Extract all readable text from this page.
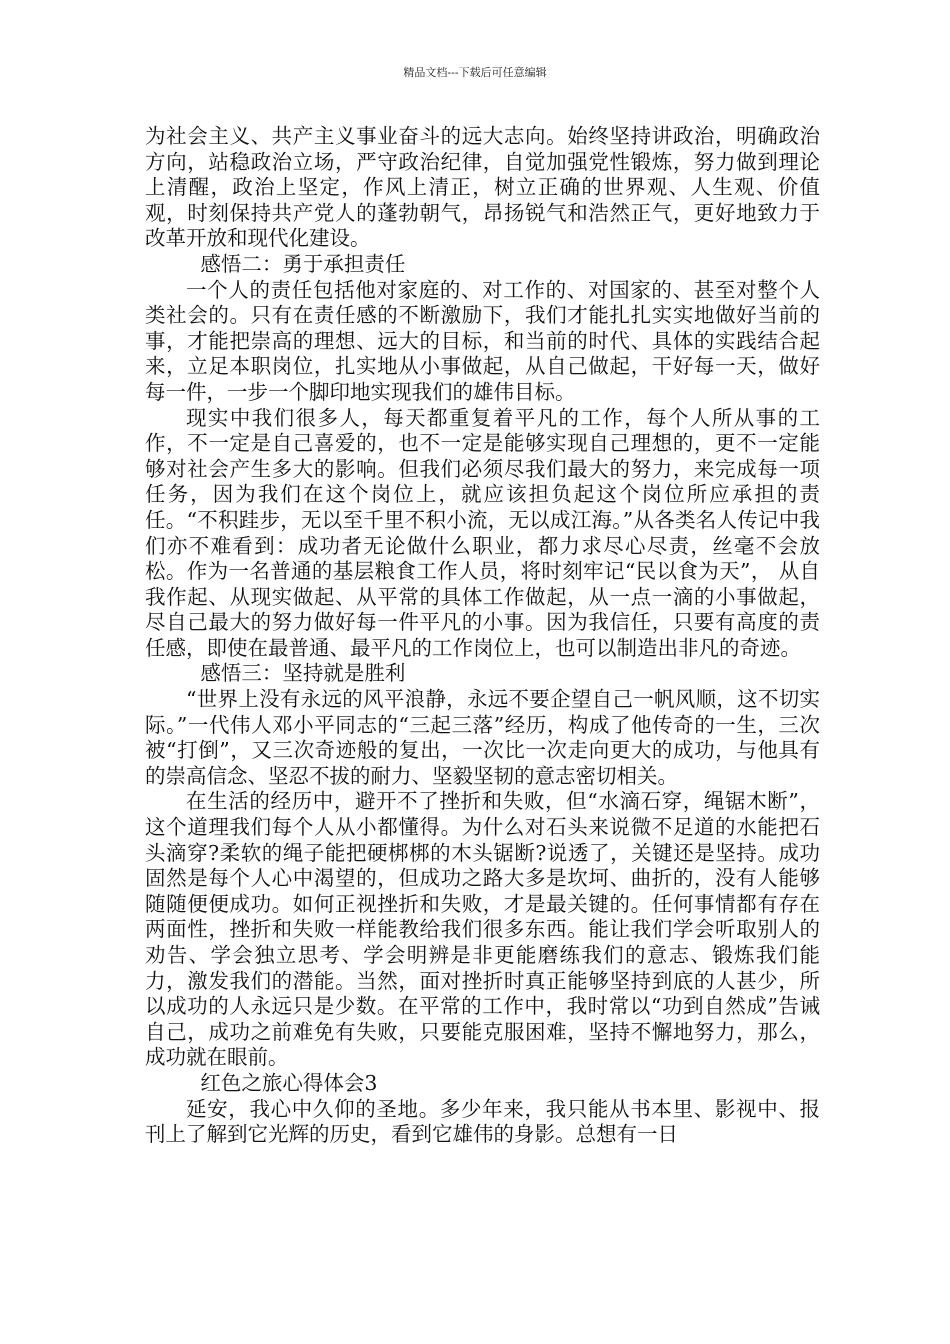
精品文档---下载后可任意编辑

为社会主义、共产主义事业奋斗的远大志向。始终坚持讲政治，明确政治方向，站稳政治立场，严守政治纪律，自觉加强党性锻炼，努力做到理论上清醒，政治上坚定，作风上清正，树立正确的世界观、人生观、价值观，时刻保持共产党人的蓬勃朝气，昂扬锐气和浩然正气，更好地致力于改革开放和现代化建设。

感悟二：勇于承担责任

一个人的责任包括他对家庭的、对工作的、对国家的、甚至对整个人类社会的。只有在责任感的不断激励下，我们才能扎扎实实地做好当前的事，才能把崇高的理想、远大的目标，和当前的时代、具体的实践结合起来，立足本职岗位，扎实地从小事做起，从自己做起，干好每一天，做好每一件，一步一个脚印地实现我们的雄伟目标。

现实中我们很多人，每天都重复着平凡的工作，每个人所从事的工作，不一定是自己喜爱的，也不一定是能够实现自己理想的，更不一定能够对社会产生多大的影响。但我们必须尽我们最大的努力，来完成每一项任务，因为我们在这个岗位上，就应该担负起这个岗位所应承担的责任。“不积跬步，无以至千里不积小流，无以成江海。”从各类名人传记中我们亦不难看到：成功者无论做什么职业，都力求尽心尽责，丝毫不会放松。作为一名普通的基层粮食工作人员，将时刻牢记“民以食为天”， 从自我作起、从现实做起、从平常的具体工作做起，从一点一滴的小事做起，尽自己最大的努力做好每一件平凡的小事。因为我信任，只要有高度的责任感，即使在最普通、最平凡的工作岗位上，也可以制造出非凡的奇迹。

感悟三：坚持就是胜利

“世界上没有永远的风平浪静，永远不要企望自己一帆风顺，这不切实际。”一代伟人邓小平同志的“三起三落”经历，构成了他传奇的一生，三次被“打倒”，又三次奇迹般的复出，一次比一次走向更大的成功，与他具有的崇高信念、坚忍不拔的耐力、坚毅坚韧的意志密切相关。

在生活的经历中，避开不了挫折和失败，但“水滴石穿，绳锯木断”，这个道理我们每个人从小都懂得。为什么对石头来说微不足道的水能把石头滴穿?柔软的绳子能把硬梆梆的木头锯断?说透了，关键还是坚持。成功固然是每个人心中渴望的，但成功之路大多是坎坷、曲折的，没有人能够随随便便成功。如何正视挫折和失败，才是最关键的。任何事情都有存在两面性，挫折和失败一样能教给我们很多东西。能让我们学会听取别人的劝告、学会独立思考、学会明辨是非更能磨练我们的意志、锻炼我们能力，激发我们的潜能。当然，面对挫折时真正能够坚持到底的人甚少，所以成功的人永远只是少数。在平常的工作中，我时常以“功到自然成”告诫自己，成功之前难免有失败，只要能克服困难，坚持不懈地努力，那么，成功就在眼前。

红色之旅心得体会3

延安，我心中久仰的圣地。多少年来，我只能从书本里、影视中、报刊上了解到它光辉的历史，看到它雄伟的身影。总想有一日
